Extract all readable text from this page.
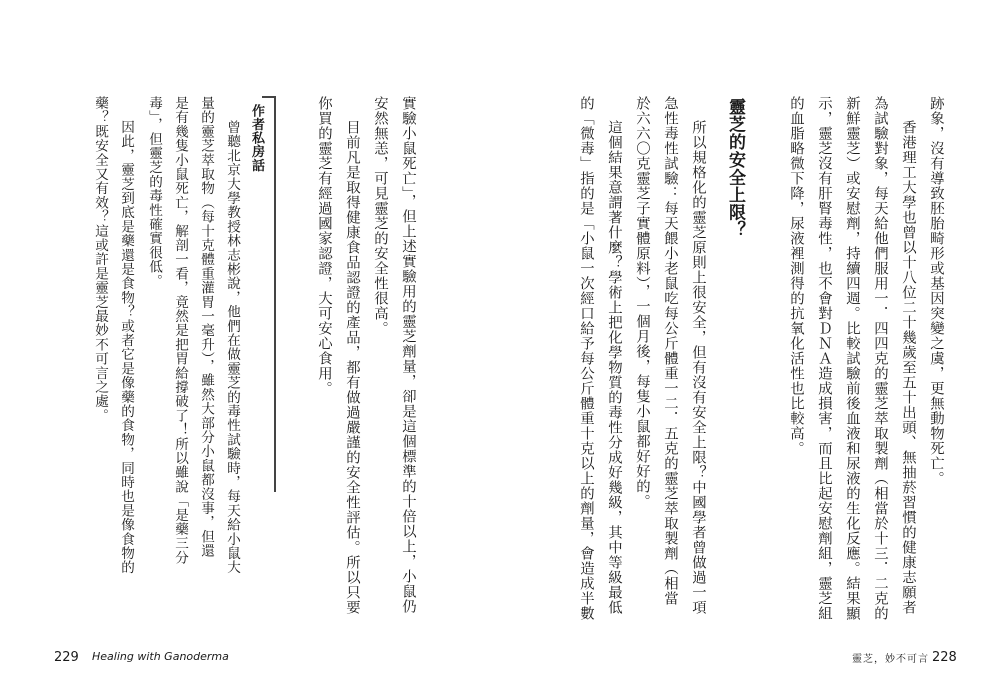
跡象，沒有導致胚胎畸形或基因突變之虞，更無動物死亡。
香港理工大學也曾以十八位二十幾歲至五十出頭、無抽菸習慣的健康志願者
為試驗對象，每天給他們服用一．四四克的靈芝萃取製劑（相當於十三．二克的
新鮮靈芝）或安慰劑，持續四週。比較試驗前後血液和尿液的生化反應。結果顯
示，靈芝沒有肝腎毒性，也不會對ＤＮＡ造成損害，而且比起安慰劑組，靈芝組
的血脂略微下降，尿液裡測得的抗氧化活性也比較高。
靈芝的安全上限？
所以規格化的靈芝原則上很安全，但有沒有安全上限？中國學者曾做過一項
急性毒性試驗：每天餵小老鼠吃每公斤體重一二．五克的靈芝萃取製劑（相當
於六六〇克靈芝子實體原料），一個月後，每隻小鼠都好好的。
這個結果意謂著什麼？學術上把化學物質的毒性分成好幾級，其中等級最低
的「微毒」指的是「小鼠一次經口給予每公斤體重十克以上的劑量，會造成半數
靈芝，妙不可言 228
實驗小鼠死亡」，但上述實驗用的靈芝劑量，卻是這個標準的十倍以上，小鼠仍
安然無恙，可見靈芝的安全性很高。
目前凡是取得健康食品認證的產品，都有做過嚴謹的安全性評估。所以只要
你買的靈芝有經過國家認證，大可安心食用。
作者私房話
曾聽北京大學教授林志彬說，他們在做靈芝的毒性試驗時，每天給小鼠大
量的靈芝萃取物（每十克體重灌胃一毫升），雖然大部分小鼠都沒事，但還
是有幾隻小鼠死亡，解剖一看，竟然是把胃給撐破了！所以雖說「是藥三分
毒」，但靈芝的毒性確實很低。
因此，靈芝到底是藥還是食物？或者它是像藥的食物，同時也是像食物的
藥？既安全又有效？這或許是靈芝最妙不可言之處。
229 Healing with Ganoderma
